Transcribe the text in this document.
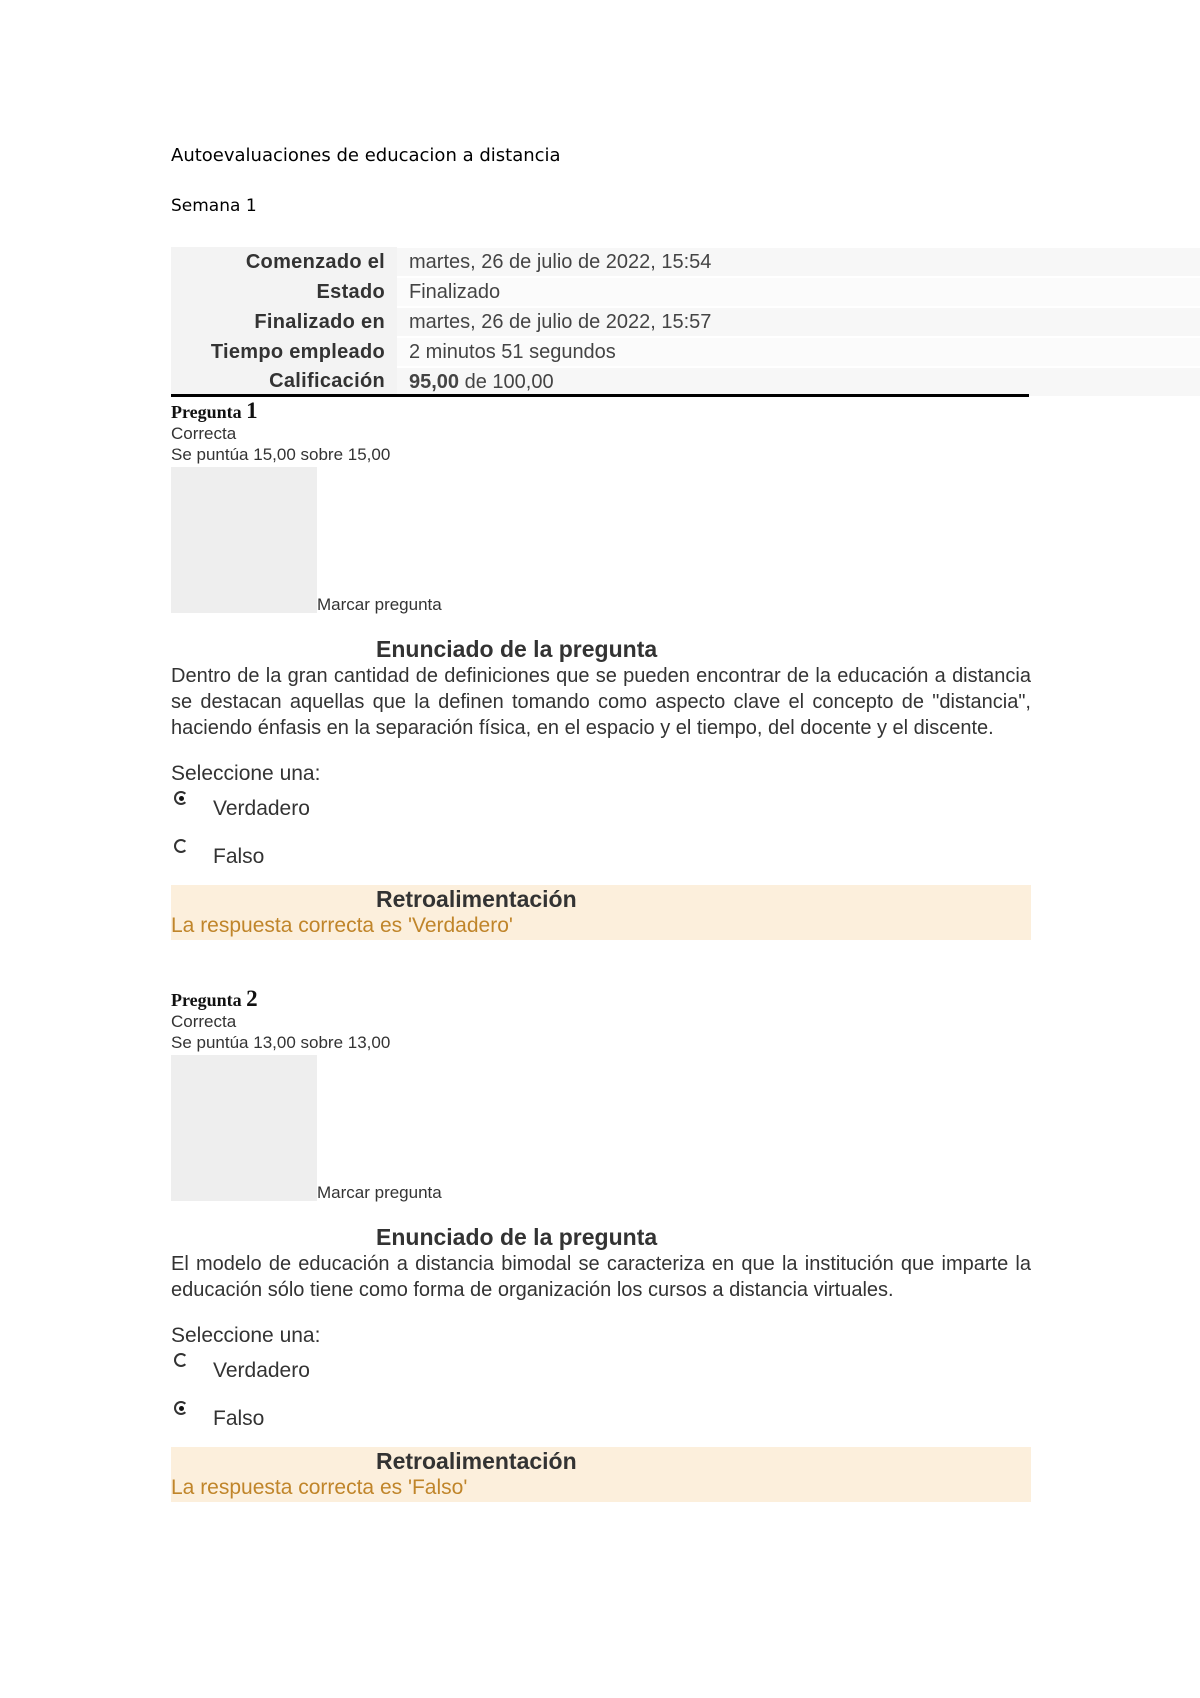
Autoevaluaciones de educacion a distancia
Semana 1
Comenzado el	martes, 26 de julio de 2022, 15:54
Estado	Finalizado
Finalizado en	martes, 26 de julio de 2022, 15:57
Tiempo empleado	2 minutos 51 segundos
Calificación	95,00 de 100,00
Pregunta 1
Correcta
Se puntúa 15,00 sobre 15,00
Marcar pregunta
Enunciado de la pregunta
Dentro de la gran cantidad de definiciones que se pueden encontrar de la educación a distancia se destacan aquellas que la definen tomando como aspecto clave el concepto de "distancia", haciendo énfasis en la separación física, en el espacio y el tiempo, del docente y el discente.
Seleccione una:
Verdadero
Falso
Retroalimentación
La respuesta correcta es 'Verdadero'
Pregunta 2
Correcta
Se puntúa 13,00 sobre 13,00
Marcar pregunta
Enunciado de la pregunta
El modelo de educación a distancia bimodal se caracteriza en que la institución que imparte la educación sólo tiene como forma de organización los cursos a distancia virtuales.
Seleccione una:
Verdadero
Falso
Retroalimentación
La respuesta correcta es 'Falso'
